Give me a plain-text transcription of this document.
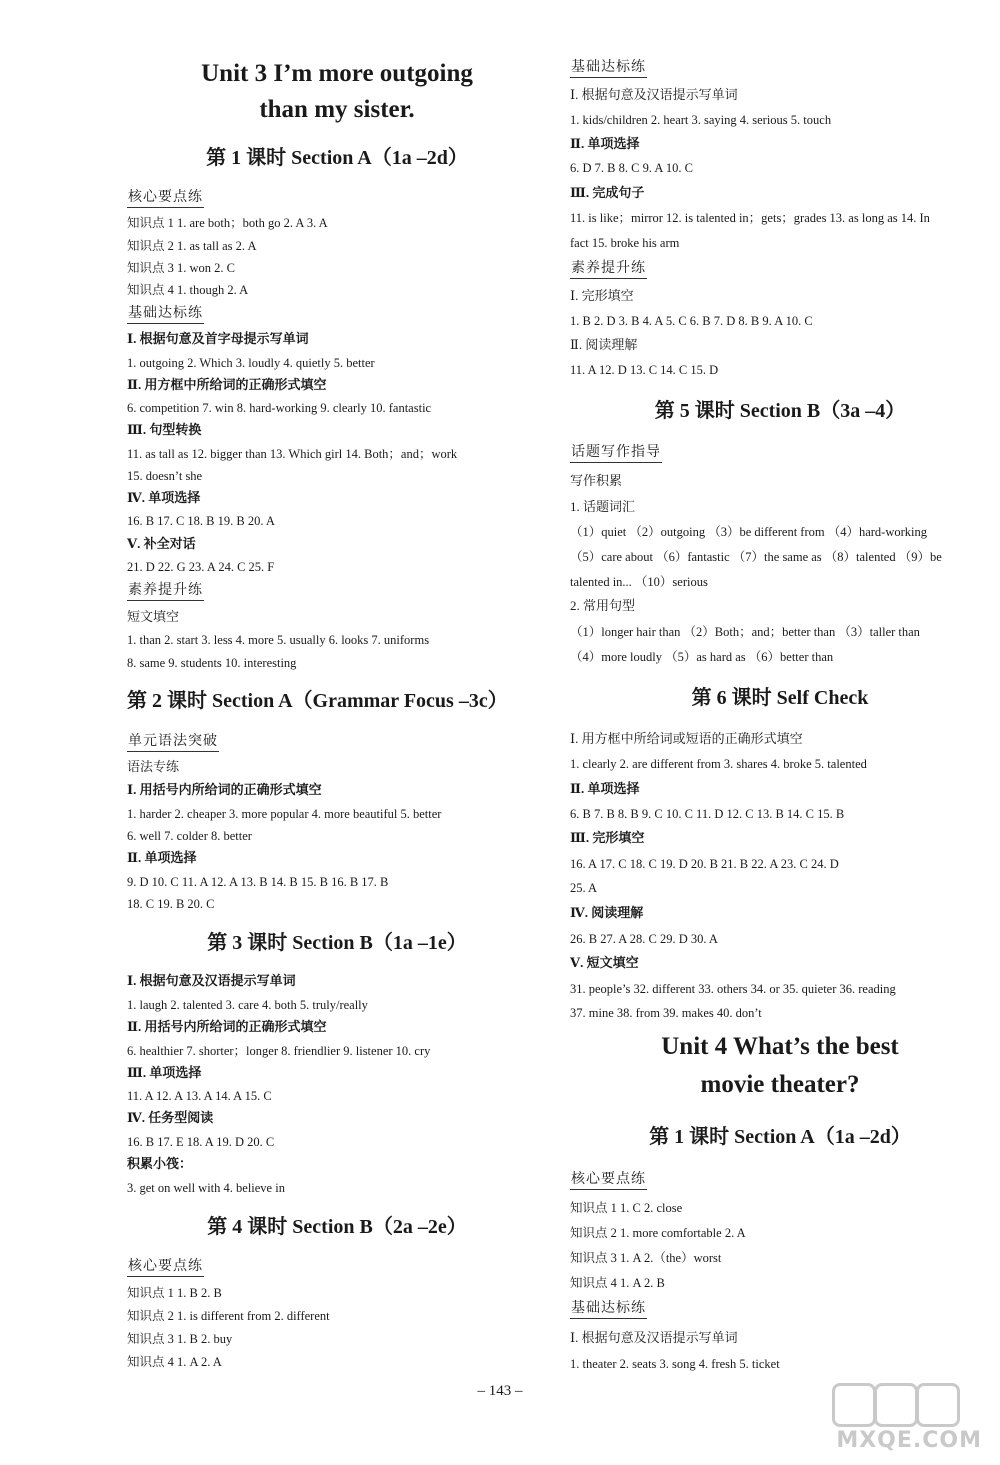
Unit 3 I’m more outgoing
than my sister.
第 1 课时 Section A（1a –2d）
核心要点练
知识点 1 1. are both；both go 2. A 3. A
知识点 2 1. as tall as 2. A
知识点 3 1. won 2. C
知识点 4 1. though 2. A
基础达标练
Ⅰ. 根据句意及首字母提示写单词
1. outgoing 2. Which 3. loudly 4. quietly 5. better
Ⅱ. 用方框中所给词的正确形式填空
6. competition 7. win 8. hard-working 9. clearly 10. fantastic
Ⅲ. 句型转换
11. as tall as 12. bigger than 13. Which girl 14. Both；and；work
15. doesn’t she
Ⅳ. 单项选择
16. B 17. C 18. B 19. B 20. A
Ⅴ. 补全对话
21. D 22. G 23. A 24. C 25. F
素养提升练
短文填空
1. than 2. start 3. less 4. more 5. usually 6. looks 7. uniforms
8. same 9. students 10. interesting
第 2 课时 Section A（Grammar Focus –3c）
单元语法突破
语法专练
Ⅰ. 用括号内所给词的正确形式填空
1. harder 2. cheaper 3. more popular 4. more beautiful 5. better
6. well 7. colder 8. better
Ⅱ. 单项选择
9. D 10. C 11. A 12. A 13. B 14. B 15. B 16. B 17. B
18. C 19. B 20. C
第 3 课时 Section B（1a –1e）
Ⅰ. 根据句意及汉语提示写单词
1. laugh 2. talented 3. care 4. both 5. truly/really
Ⅱ. 用括号内所给词的正确形式填空
6. healthier 7. shorter；longer 8. friendlier 9. listener 10. cry
Ⅲ. 单项选择
11. A 12. A 13. A 14. A 15. C
Ⅳ. 任务型阅读
16. B 17. E 18. A 19. D 20. C
积累小筏：
3. get on well with 4. believe in
第 4 课时 Section B（2a –2e）
核心要点练
知识点 1 1. B 2. B
知识点 2 1. is different from 2. different
知识点 3 1. B 2. buy
知识点 4 1. A 2. A
基础达标练
Ⅰ. 根据句意及汉语提示写单词
1. kids/children 2. heart 3. saying 4. serious 5. touch
Ⅱ. 单项选择
6. D 7. B 8. C 9. A 10. C
Ⅲ. 完成句子
11. is like；mirror 12. is talented in；gets；grades 13. as long as 14. In
fact 15. broke his arm
素养提升练
Ⅰ. 完形填空
1. B 2. D 3. B 4. A 5. C 6. B 7. D 8. B 9. A 10. C
Ⅱ. 阅读理解
11. A 12. D 13. C 14. C 15. D
第 5 课时 Section B（3a –4）
话题写作指导
写作积累
1. 话题词汇
（1）quiet （2）outgoing （3）be different from （4）hard-working
（5）care about （6）fantastic （7）the same as （8）talented （9）be
talented in... （10）serious
2. 常用句型
（1）longer hair than （2）Both；and；better than （3）taller than
（4）more loudly （5）as hard as （6）better than
第 6 课时 Self Check
Ⅰ. 用方框中所给词或短语的正确形式填空
1. clearly 2. are different from 3. shares 4. broke 5. talented
Ⅱ. 单项选择
6. B 7. B 8. B 9. C 10. C 11. D 12. C 13. B 14. C 15. B
Ⅲ. 完形填空
16. A 17. C 18. C 19. D 20. B 21. B 22. A 23. C 24. D
25. A
Ⅳ. 阅读理解
26. B 27. A 28. C 29. D 30. A
Ⅴ. 短文填空
31. people’s 32. different 33. others 34. or 35. quieter 36. reading
37. mine 38. from 39. makes 40. don’t
Unit 4 What’s the best
movie theater?
第 1 课时 Section A（1a –2d）
核心要点练
知识点 1 1. C 2. close
知识点 2 1. more comfortable 2. A
知识点 3 1. A 2.（the）worst
知识点 4 1. A 2. B
基础达标练
Ⅰ. 根据句意及汉语提示写单词
1. theater 2. seats 3. song 4. fresh 5. ticket
– 143 –
MXQE.COM
